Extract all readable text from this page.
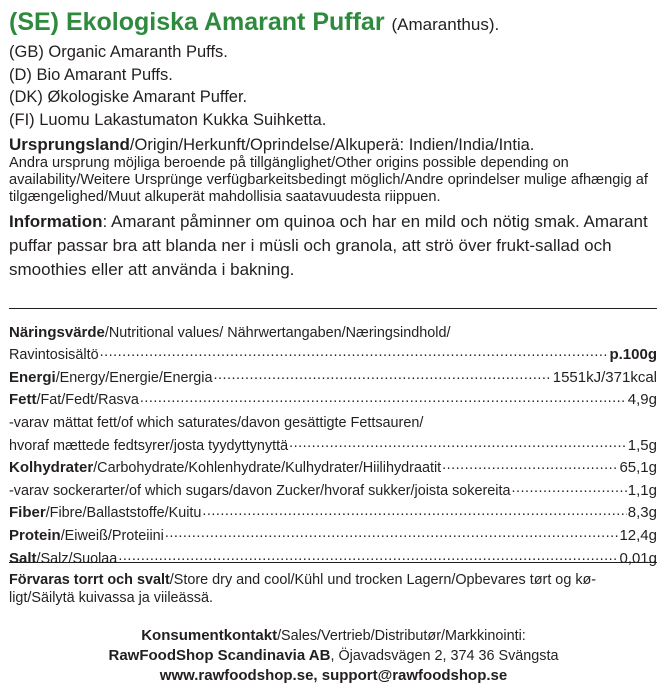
(SE) Ekologiska Amarant Puffar (Amaranthus).
(GB) Organic Amaranth Puffs.
(D) Bio Amarant Puffs.
(DK) Økologiske Amarant Puffer.
(FI) Luomu Lakastumaton Kukka Suihketta.
Ursprungsland/Origin/Herkunft/Oprindelse/Alkuperä: Indien/India/Intia.
Andra ursprung möjliga beroende på tillgänglighet/Other origins possible depending on availability/Weitere Ursprünge verfügbarkeitsbedingt möglich/Andre oprindelser mulige afhængig af tilgængelighed/Muut alkuperät mahdollisia saatavuudesta riippuen.
Information: Amarant påminner om quinoa och har en mild och nötig smak. Amarant puffar passar bra att blanda ner i müsli och granola, att strö över frukt-sallad och smoothies eller att använda i bakning.
Näringsvärde/Nutritional values/ Nährwertangaben/Næringsindhold/
Ravintosisältö .....	p.100g
Energi/Energy/Energie/Energia .....	1551kJ/371kcal
Fett/Fat/Fedt/Rasva .....	4,9g
-varav mättat fett/of which saturates/davon gesättigte Fettsauren/
hvoraf mættede fedtsyrer/josta tyydyttynyttä .....	1,5g
Kolhydrater/Carbohydrate/Kohlenhydrate/Kulhydrater/Hiilihydraatit .....	65,1g
-varav sockerarter/of which sugars/davon Zucker/hvoraf sukker/joista sokereita .....	1,1g
Fiber/Fibre/Ballaststoffe/Kuitu .....	8,3g
Protein/Eiweiß/Proteiini .....	12,4g
Salt/Salz/Suolaa .....	0,01g
Förvaras torrt och svalt/Store dry and cool/Kühl und trocken Lagern/Opbevares tørt og kø-ligt/Säilytä kuivassa ja viileässä.
Konsumentkontakt/Sales/Vertrieb/Distributør/Markkinointi:
RawFoodShop Scandinavia AB, Öjavadsvägen 2, 374 36 Svängsta
www.rawfoodshop.se, support@rawfoodshop.se
